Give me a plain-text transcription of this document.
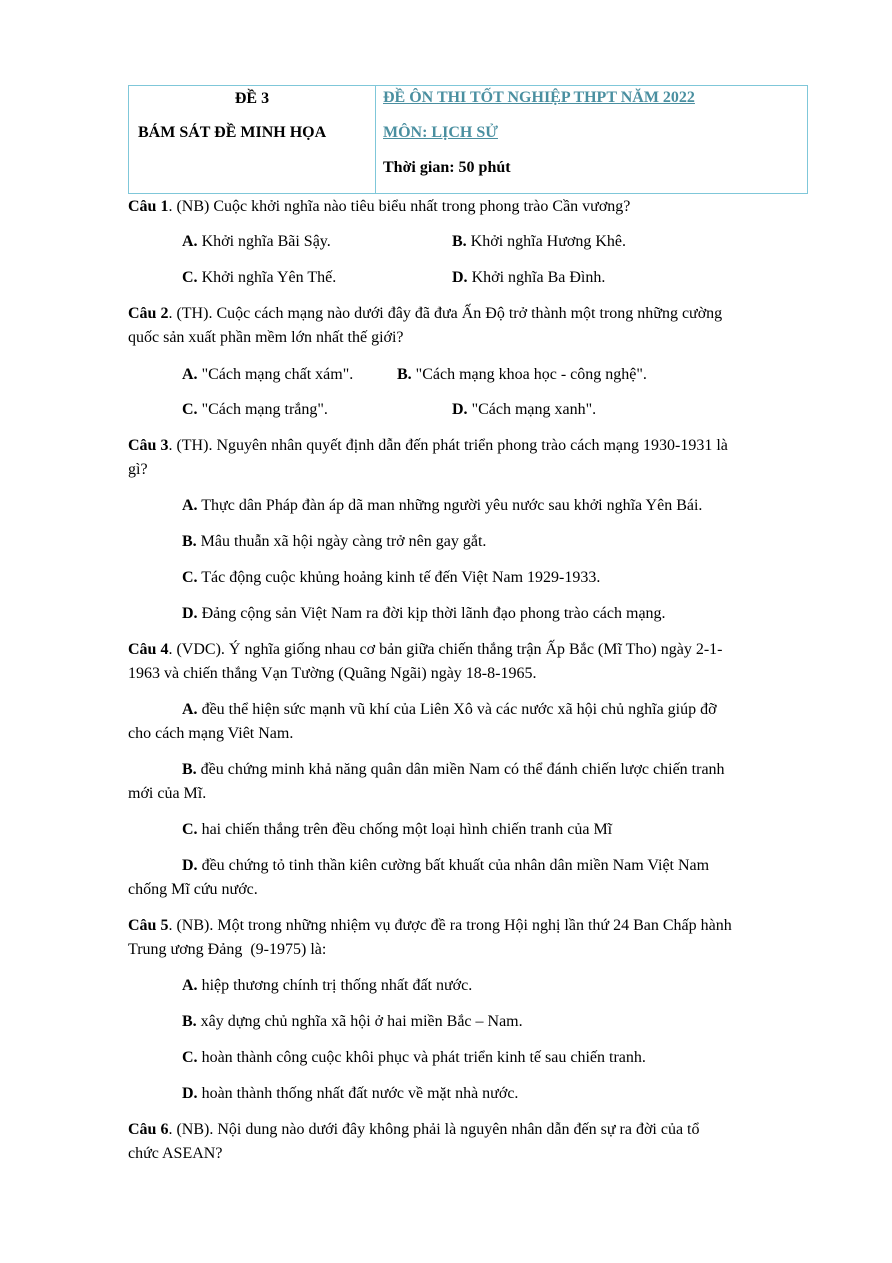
ĐỀ 3
BÁM SÁT ĐỀ MINH HỌA
ĐỀ ÔN THI TỐT NGHIỆP THPT NĂM 2022
MÔN: LỊCH SỬ
Thời gian: 50 phút
Câu 1. (NB) Cuộc khởi nghĩa nào tiêu biểu nhất trong phong trào Cần vương?
A. Khởi nghĩa Bãi Sậy.	B. Khởi nghĩa Hương Khê.
C. Khởi nghĩa Yên Thế.	D. Khởi nghĩa Ba Đình.
Câu 2. (TH). Cuộc cách mạng nào dưới đây đã đưa Ấn Độ trở thành một trong những cường
quốc sản xuất phần mềm lớn nhất thế giới?
A. "Cách mạng chất xám".	B. "Cách mạng khoa học - công nghệ".
C. "Cách mạng trắng".	D. "Cách mạng xanh".
Câu 3. (TH). Nguyên nhân quyết định dẫn đến phát triển phong trào cách mạng 1930-1931 là
gì?
A. Thực dân Pháp đàn áp dã man những người yêu nước sau khởi nghĩa Yên Bái.
B. Mâu thuẫn xã hội ngày càng trở nên gay gắt.
C. Tác động cuộc khủng hoảng kinh tế đến Việt Nam 1929-1933.
D. Đảng cộng sản Việt Nam ra đời kịp thời lãnh đạo phong trào cách mạng.
Câu 4. (VDC). Ý nghĩa giống nhau cơ bản giữa chiến thắng trận Ấp Bắc (Mĩ Tho) ngày 2-1-
1963 và chiến thắng Vạn Tường (Quãng Ngãi) ngày 18-8-1965.
A. đều thể hiện sức mạnh vũ khí của Liên Xô và các nước xã hội chủ nghĩa giúp đỡ
cho cách mạng Viêt Nam.
B. đều chứng minh khả năng quân dân miền Nam có thể đánh chiến lược chiến tranh
mới của Mĩ.
C. hai chiến thắng trên đều chống một loại hình chiến tranh của Mĩ
D. đều chứng tỏ tinh thần kiên cường bất khuất của nhân dân miền Nam Việt Nam
chống Mĩ cứu nước.
Câu 5. (NB). Một trong những nhiệm vụ được đề ra trong Hội nghị lần thứ 24 Ban Chấp hành
Trung ương Đảng  (9-1975) là:
A. hiệp thương chính trị thống nhất đất nước.
B. xây dựng chủ nghĩa xã hội ở hai miền Bắc – Nam.
C. hoàn thành công cuộc khôi phục và phát triển kinh tế sau chiến tranh.
D. hoàn thành thống nhất đất nước về mặt nhà nước.
Câu 6. (NB). Nội dung nào dưới đây không phải là nguyên nhân dẫn đến sự ra đời của tổ
chức ASEAN?
